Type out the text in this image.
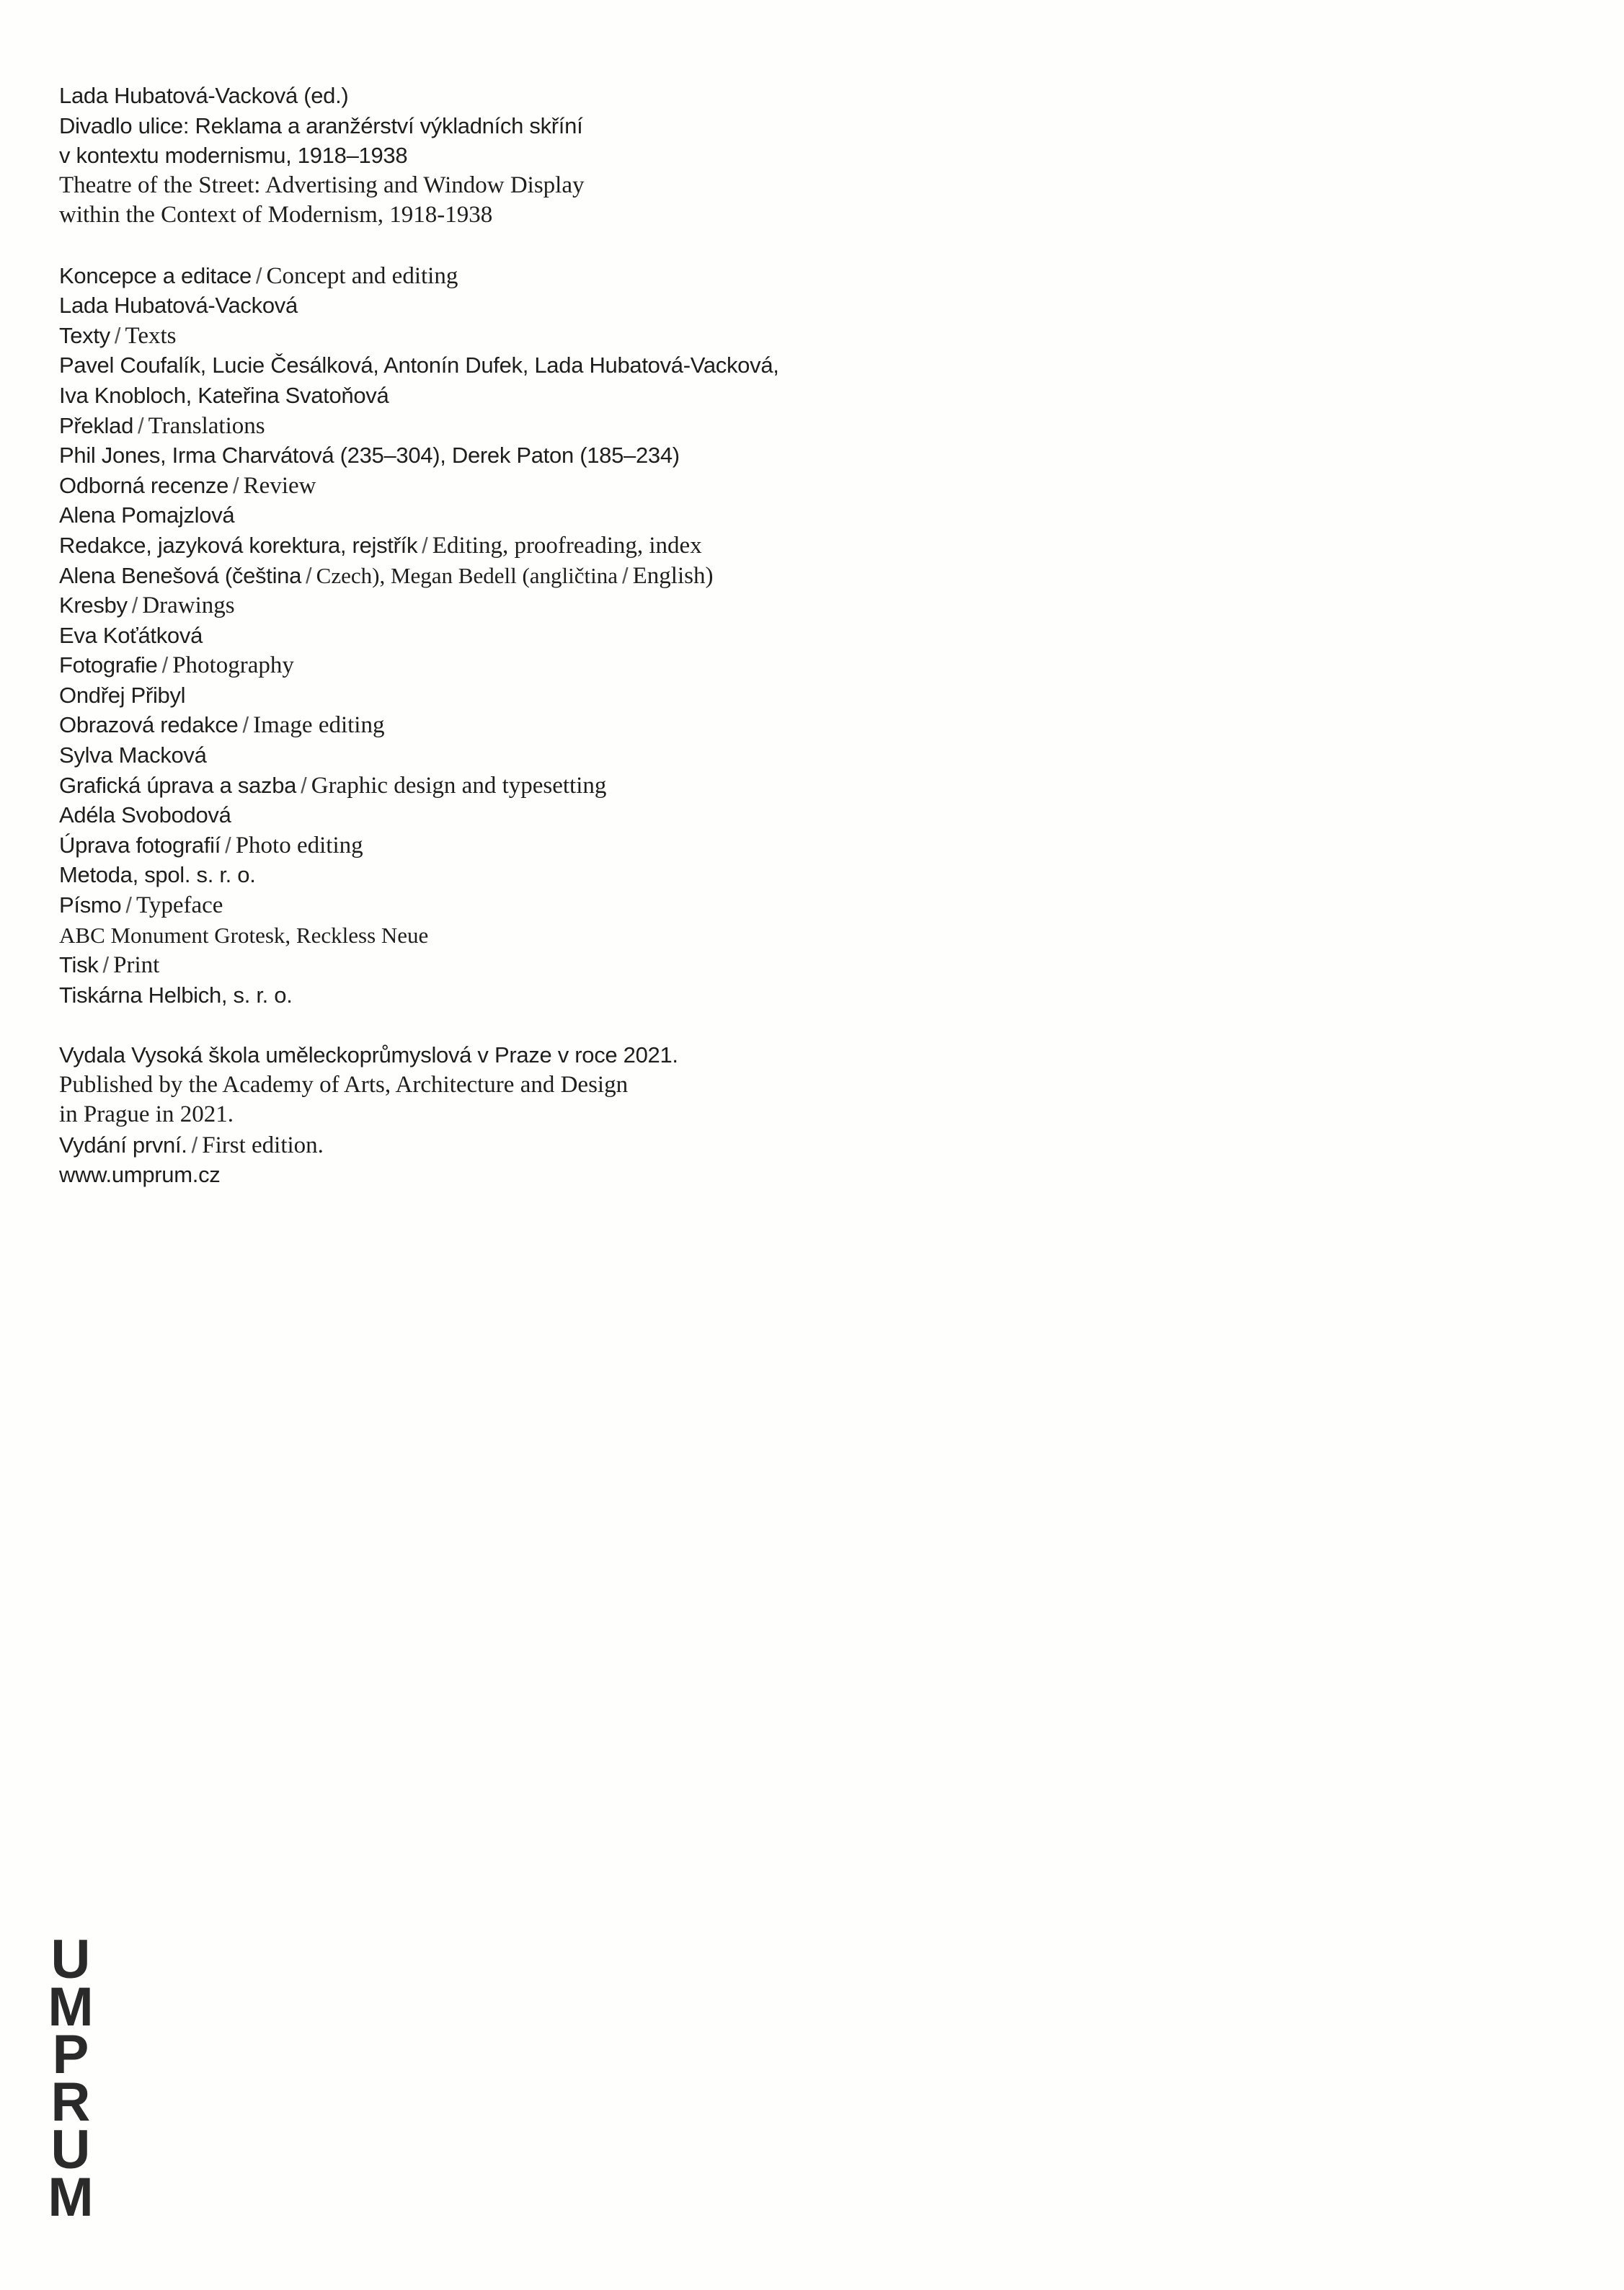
Lada Hubatová-Vacková (ed.)
Divadlo ulice: Reklama a aranžérství výkladních skříní
v kontextu modernismu, 1918–1938
Theatre of the Street: Advertising and Window Display
within the Context of Modernism, 1918-1938
Koncepce a editace / Concept and editing
Lada Hubatová-Vacková
Texty / Texts
Pavel Coufalík, Lucie Česálková, Antonín Dufek, Lada Hubatová-Vacková,
Iva Knobloch, Kateřina Svatoňová
Překlad / Translations
Phil Jones, Irma Charvátová (235–304), Derek Paton (185–234)
Odborná recenze / Review
Alena Pomajzlová
Redakce, jazyková korektura, rejstřík / Editing, proofreading, index
Alena Benešová (čeština / Czech), Megan Bedell (angličtina / English)
Kresby / Drawings
Eva Koťátková
Fotografie / Photography
Ondřej Přibyl
Obrazová redakce / Image editing
Sylva Macková
Grafická úprava a sazba / Graphic design and typesetting
Adéla Svobodová
Úprava fotografií / Photo editing
Metoda, spol. s. r. o.
Písmo / Typeface
ABC Monument Grotesk, Reckless Neue
Tisk / Print
Tiskárna Helbich, s. r. o.
Vydala Vysoká škola uměleckoprůmyslová v Praze v roce 2021.
Published by the Academy of Arts, Architecture and Design
in Prague in 2021.
Vydání první. / First edition.
www.umprum.cz
U
M
P
R
U
M
